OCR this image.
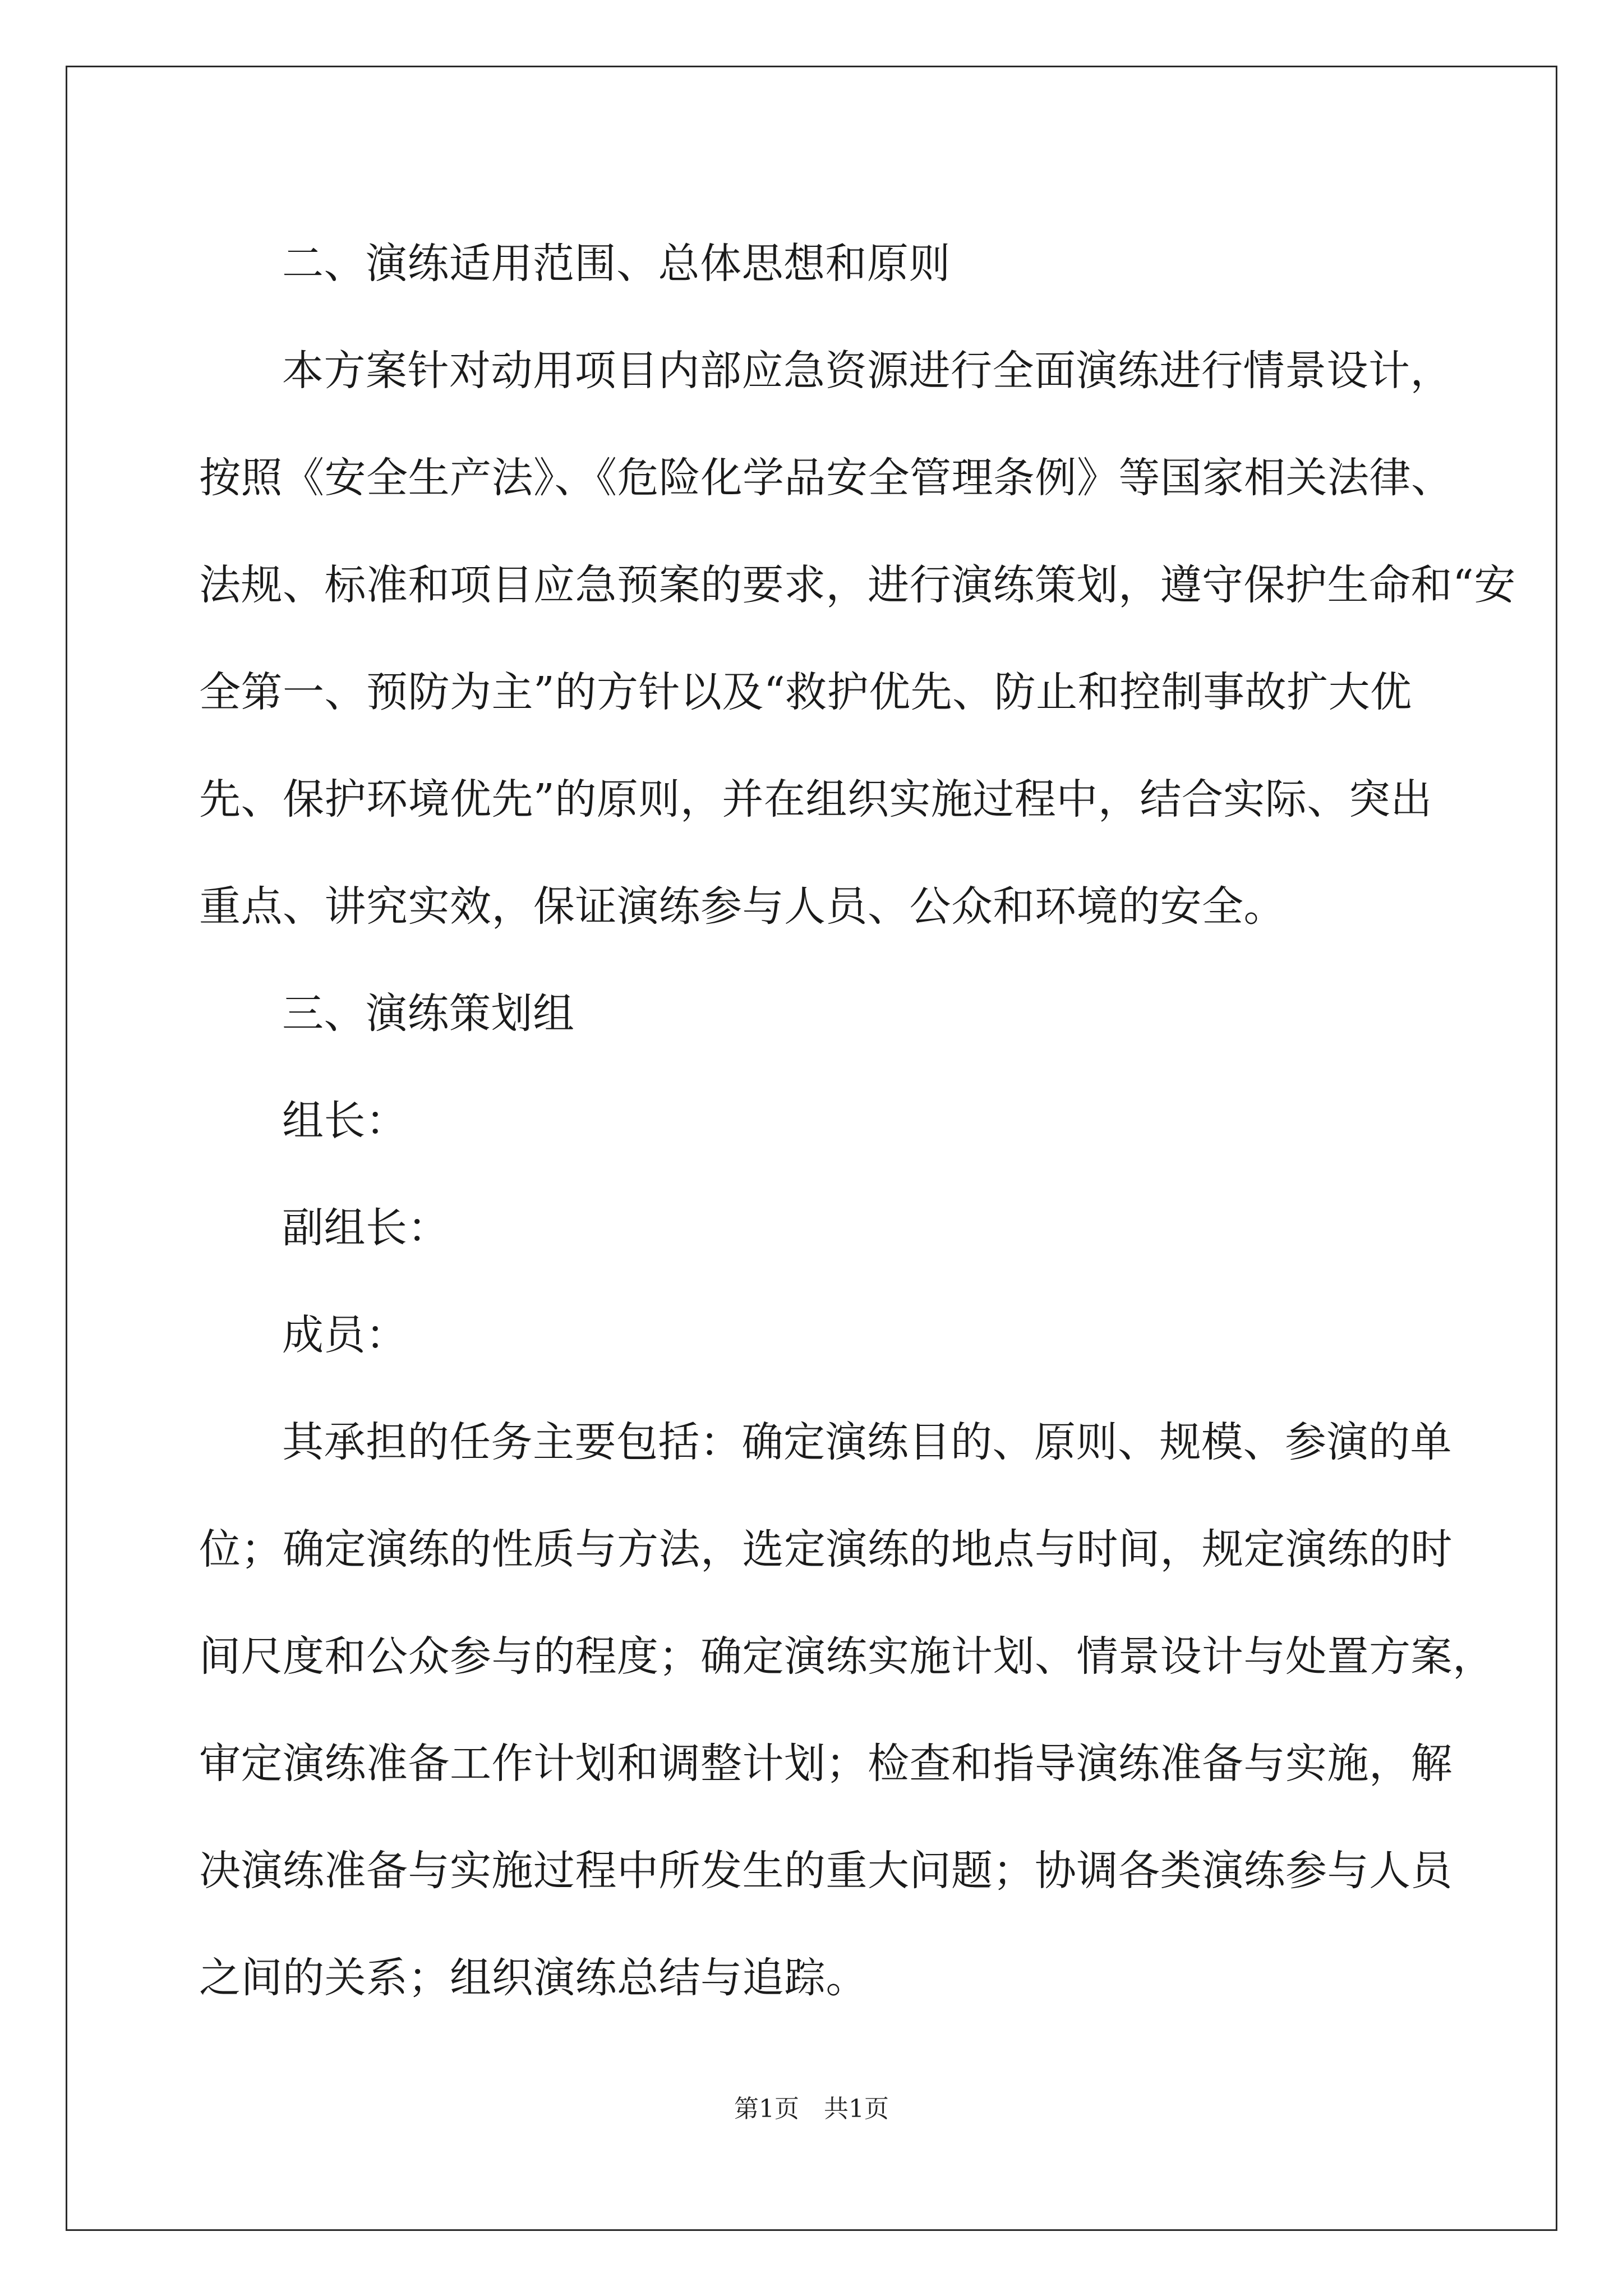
二、演练适用范围、总体思想和原则

本方案针对动用项目内部应急资源进行全面演练进行情景设计，
按照《安全生产法》、《危险化学品安全管理条例》等国家相关法律、
法规、标准和项目应急预案的要求，进行演练策划，遵守保护生命和“安
全第一、预防为主”的方针以及“救护优先、防止和控制事故扩大优
先、保护环境优先”的原则，并在组织实施过程中，结合实际、突出
重点、讲究实效，保证演练参与人员、公众和环境的安全。

三、演练策划组

组长：

副组长：

成员：

其承担的任务主要包括：确定演练目的、原则、规模、参演的单
位；确定演练的性质与方法，选定演练的地点与时间，规定演练的时
间尺度和公众参与的程度；确定演练实施计划、情景设计与处置方案，
审定演练准备工作计划和调整计划；检查和指导演练准备与实施，解
决演练准备与实施过程中所发生的重大问题；协调各类演练参与人员
之间的关系；组织演练总结与追踪。

第1页　共1页
